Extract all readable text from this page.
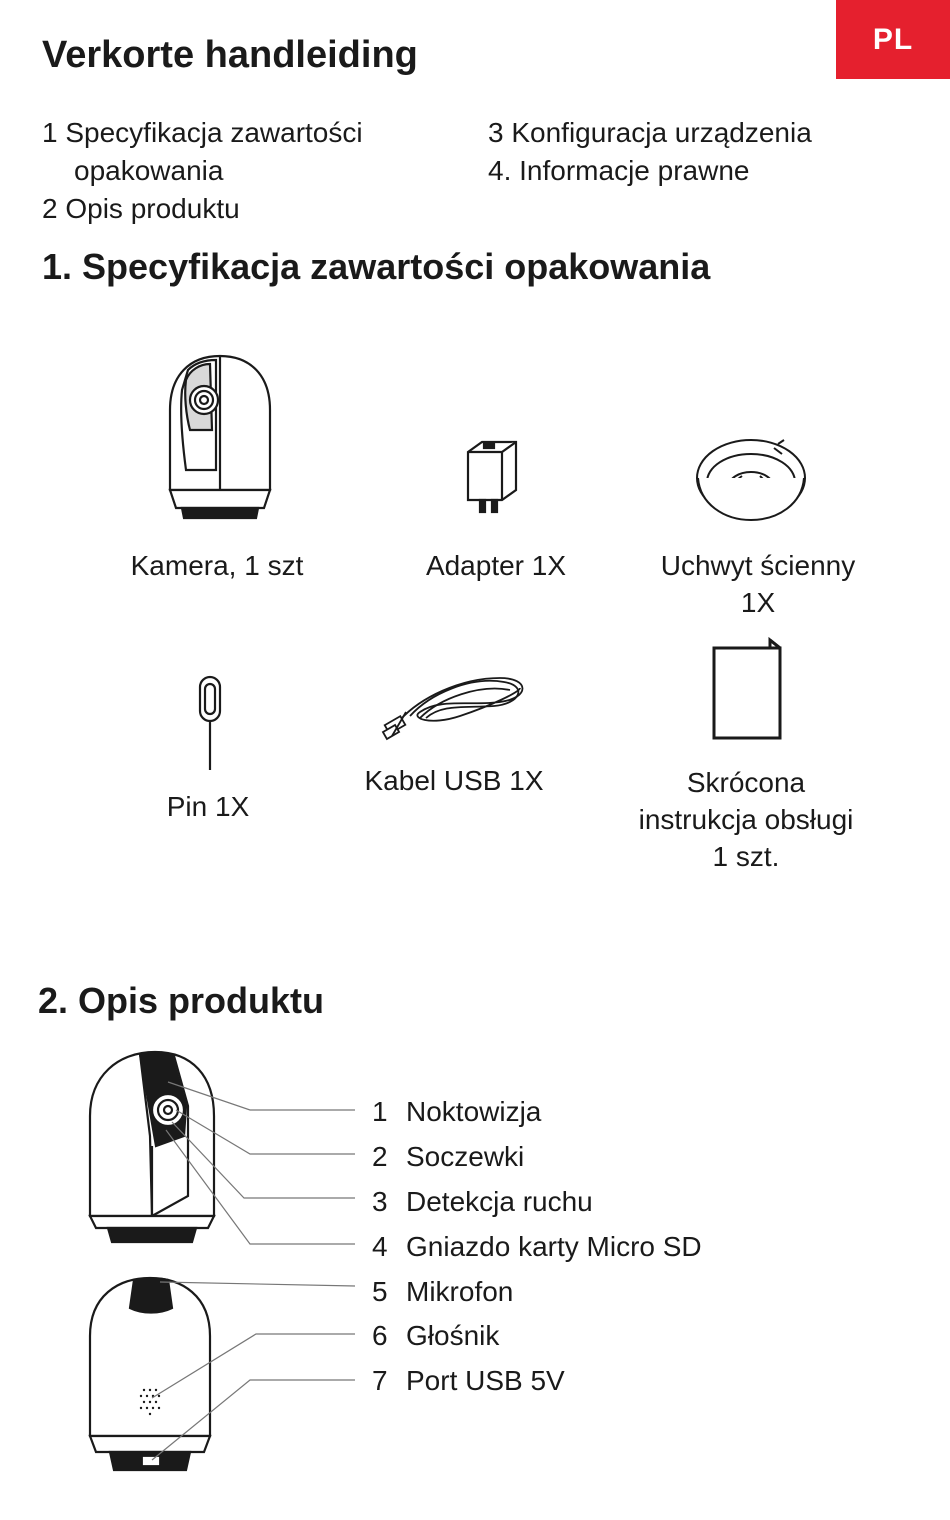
PL
Verkorte handleiding
1 Specyfikacja zawartości
opakowania
2 Opis produktu
3 Konfiguracja urządzenia
4. Informacje prawne
1. Specyfikacja zawartości opakowania
Kamera, 1 szt	Adapter 1X	Uchwyt ścienny
1X
Pin 1X
Kabel USB 1X	Skrócona
instrukcja obsługi
1 szt.
2. Opis produktu
1 Noktowizja
2 Soczewki
3 Detekcja ruchu
4 Gniazdo karty Micro SD
5 Mikrofon
6 Głośnik
7 Port USB 5V
